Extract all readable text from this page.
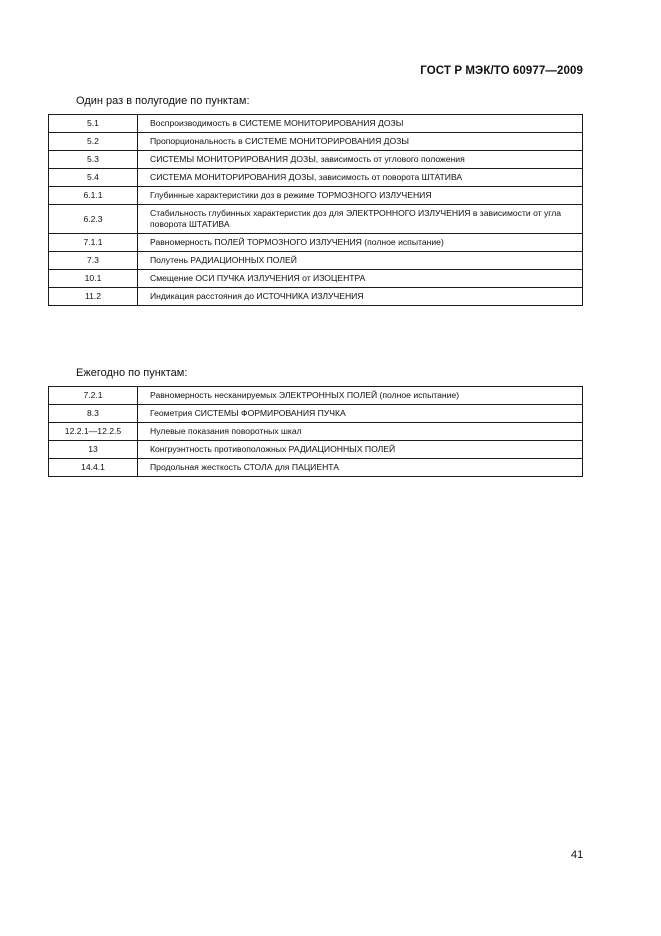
ГОСТ Р МЭК/ТО 60977—2009
Один раз в полугодие по пунктам:
5.1	Воспроизводимость в СИСТЕМЕ МОНИТОРИРОВАНИЯ ДОЗЫ
5.2	Пропорциональность в СИСТЕМЕ МОНИТОРИРОВАНИЯ ДОЗЫ
5.3	СИСТЕМЫ МОНИТОРИРОВАНИЯ ДОЗЫ, зависимость от углового положения
5.4	СИСТЕМА МОНИТОРИРОВАНИЯ ДОЗЫ, зависимость от поворота ШТАТИВА
6.1.1	Глубинные характеристики доз в режиме ТОРМОЗНОГО ИЗЛУЧЕНИЯ
6.2.3	Стабильность глубинных характеристик доз для ЭЛЕКТРОННОГО ИЗЛУЧЕНИЯ в зависимости от угла поворота ШТАТИВА
7.1.1	Равномерность ПОЛЕЙ ТОРМОЗНОГО ИЗЛУЧЕНИЯ (полное испытание)
7.3	Полутень РАДИАЦИОННЫХ ПОЛЕЙ
10.1	Смещение ОСИ ПУЧКА ИЗЛУЧЕНИЯ от ИЗОЦЕНТРА
11.2	Индикация расстояния до ИСТОЧНИКА ИЗЛУЧЕНИЯ
Ежегодно по пунктам:
7.2.1	Равномерность несканируемых ЭЛЕКТРОННЫХ ПОЛЕЙ (полное испытание)
8.3	Геометрия СИСТЕМЫ ФОРМИРОВАНИЯ ПУЧКА
12.2.1—12.2.5	Нулевые показания поворотных шкал
13	Конгруэнтность противоположных РАДИАЦИОННЫХ ПОЛЕЙ
14.4.1	Продольная жесткость СТОЛА для ПАЦИЕНТА
41
